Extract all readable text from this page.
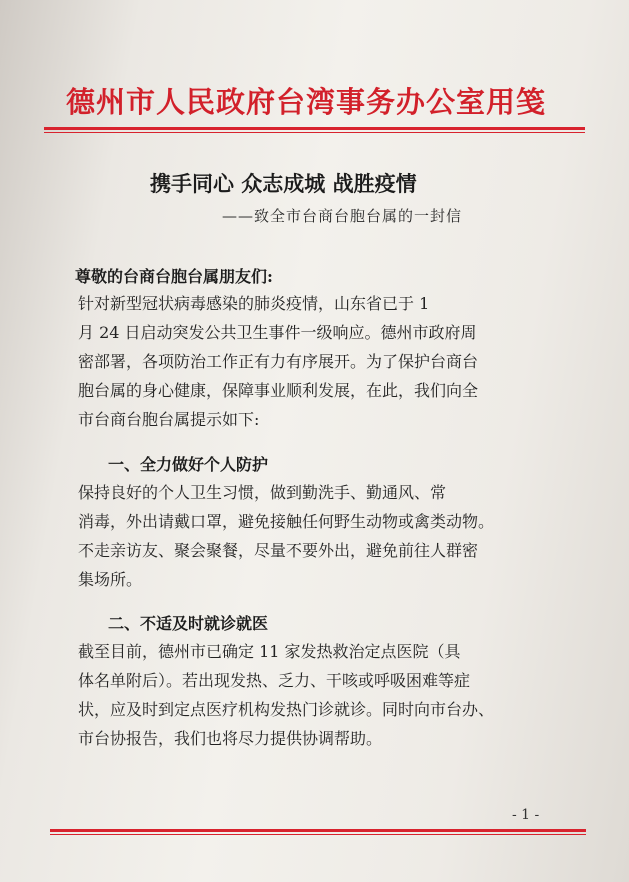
德州市人民政府台湾事务办公室用笺
携手同心 众志成城 战胜疫情
——致全市台商台胞台属的一封信
尊敬的台商台胞台属朋友们:
针对新型冠状病毒感染的肺炎疫情，山东省已于 1
月 24 日启动突发公共卫生事件一级响应。德州市政府周
密部署，各项防治工作正有力有序展开。为了保护台商台
胞台属的身心健康，保障事业顺利发展，在此，我们向全
市台商台胞台属提示如下:
一、全力做好个人防护
保持良好的个人卫生习惯，做到勤洗手、勤通风、常
消毒，外出请戴口罩，避免接触任何野生动物或禽类动物。
不走亲访友、聚会聚餐，尽量不要外出，避免前往人群密
集场所。
二、不适及时就诊就医
截至目前，德州市已确定 11 家发热救治定点医院（具
体名单附后）。若出现发热、乏力、干咳或呼吸困难等症
状，应及时到定点医疗机构发热门诊就诊。同时向市台办、
市台协报告，我们也将尽力提供协调帮助。
- 1 -
